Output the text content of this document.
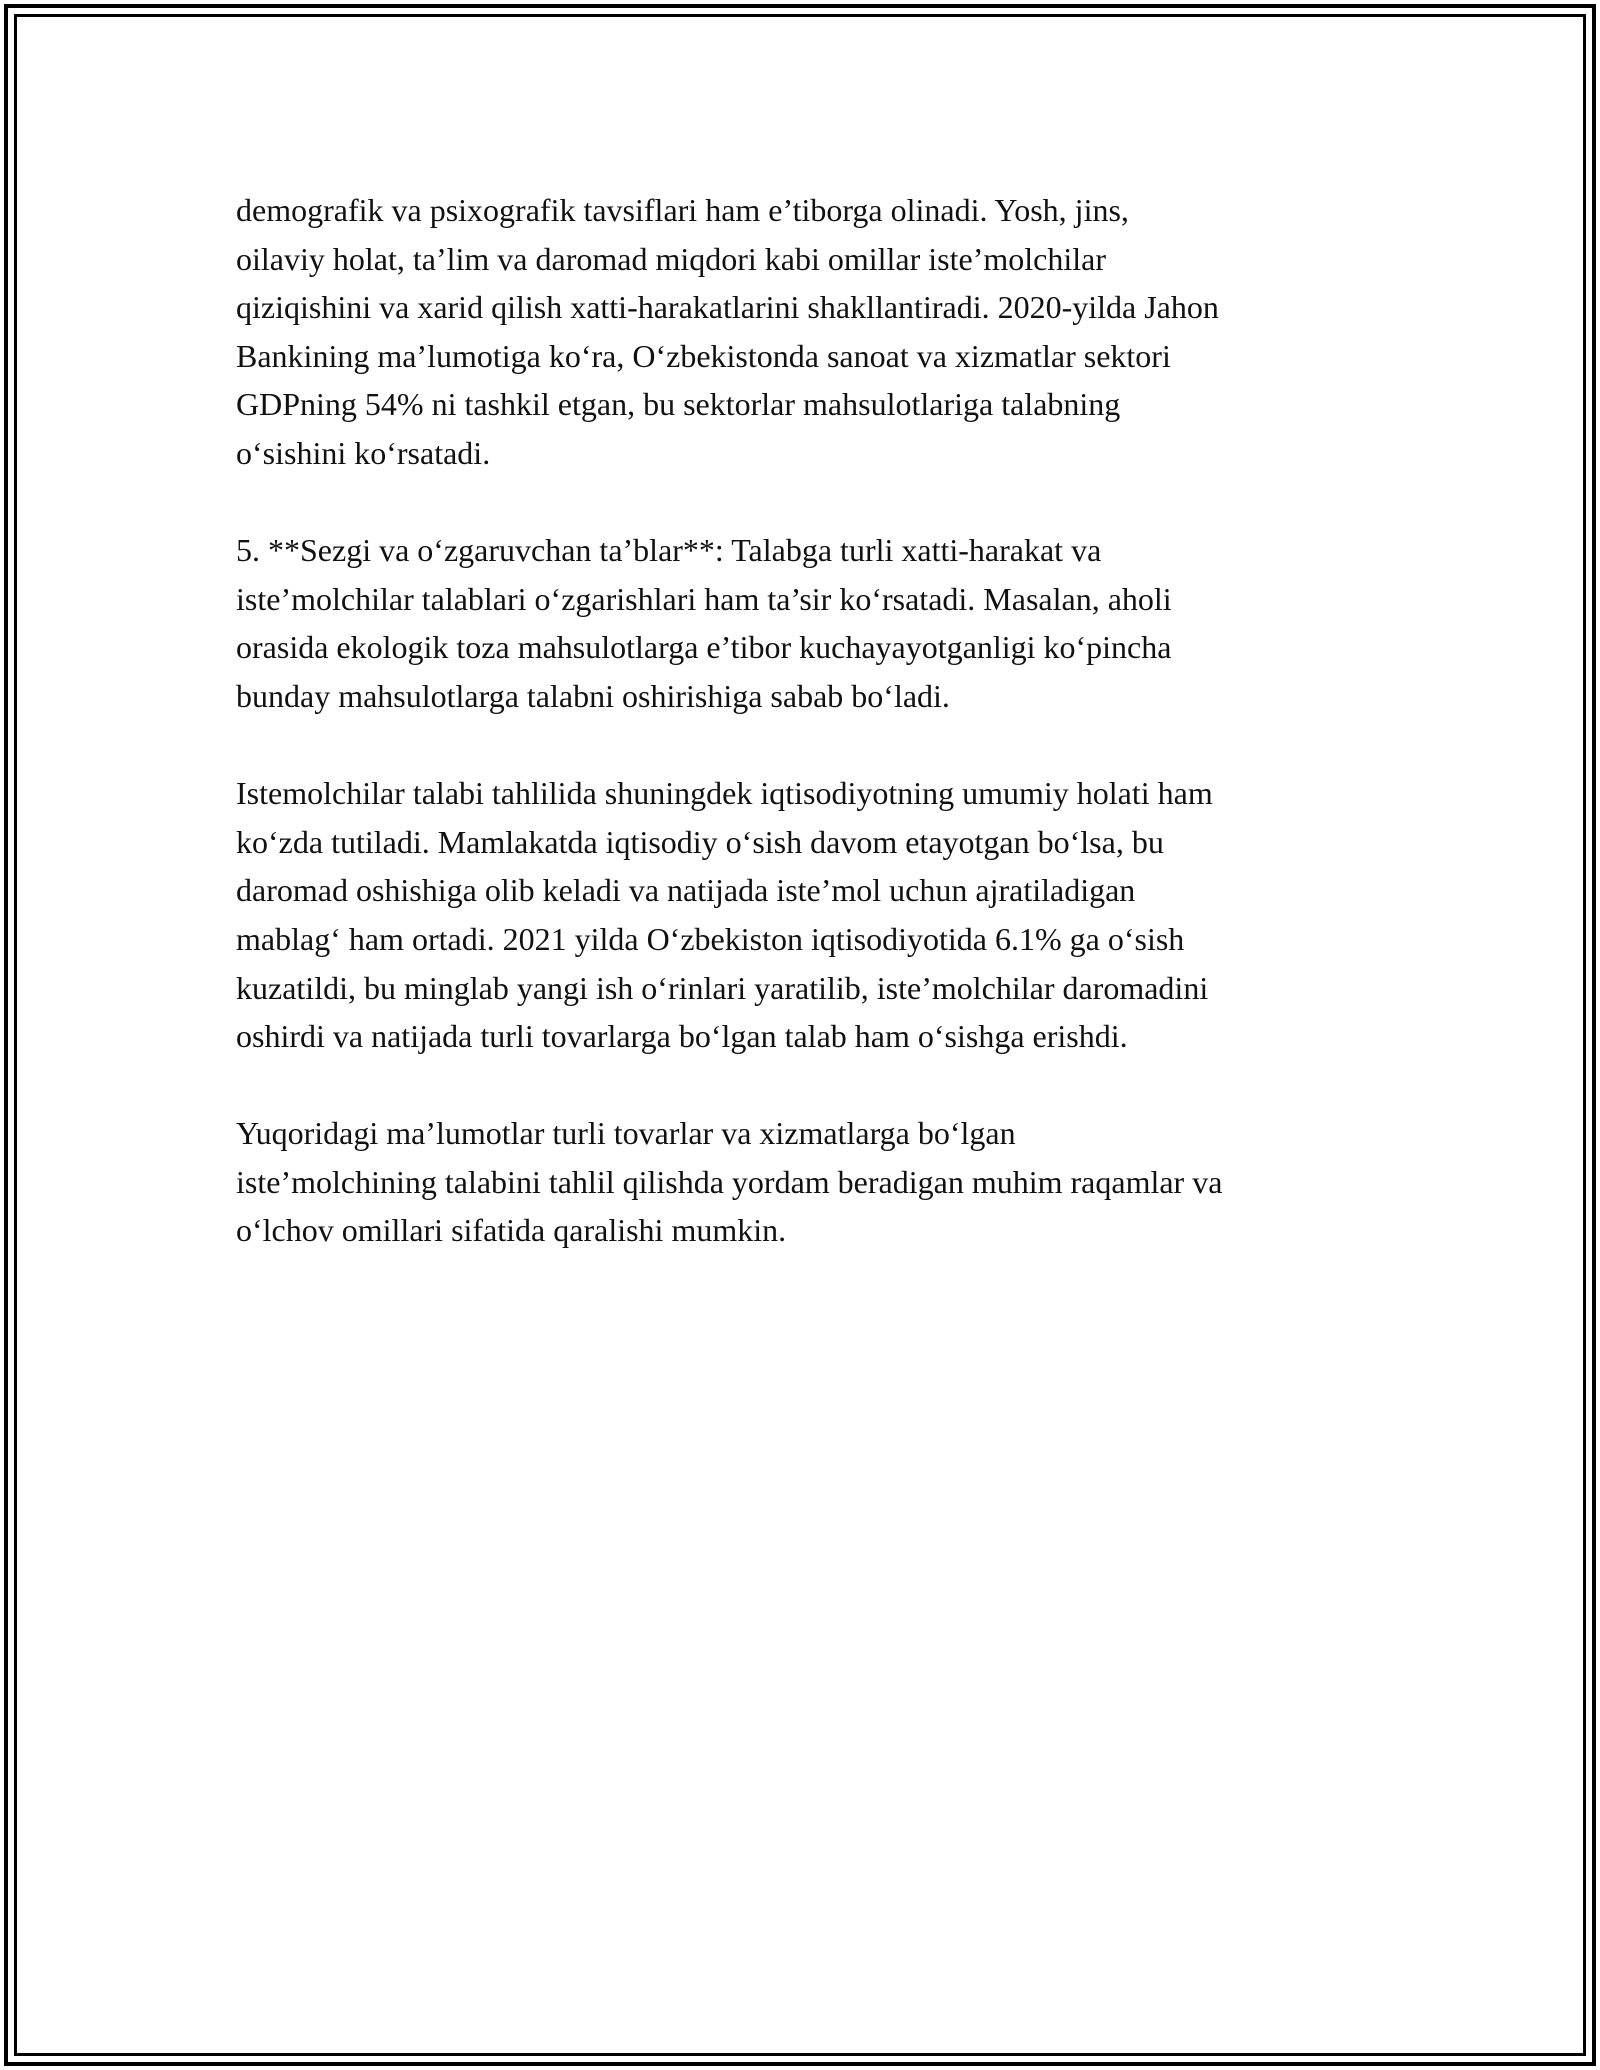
demografik va psixografik tavsiflari ham e’tiborga olinadi. Yosh, jins,
oilaviy holat, ta’lim va daromad miqdori kabi omillar iste’molchilar
qiziqishini va xarid qilish xatti-harakatlarini shakllantiradi. 2020-yilda Jahon
Bankining ma’lumotiga ko‘ra, O‘zbekistonda sanoat va xizmatlar sektori
GDPning 54% ni tashkil etgan, bu sektorlar mahsulotlariga talabning
o‘sishini ko‘rsatadi.

5. **Sezgi va o‘zgaruvchan ta’blar**: Talabga turli xatti-harakat va
iste’molchilar talablari o‘zgarishlari ham ta’sir ko‘rsatadi. Masalan, aholi
orasida ekologik toza mahsulotlarga e’tibor kuchayayotganligi ko‘pincha
bunday mahsulotlarga talabni oshirishiga sabab bo‘ladi.

Istemolchilar talabi tahlilida shuningdek iqtisodiyotning umumiy holati ham
ko‘zda tutiladi. Mamlakatda iqtisodiy o‘sish davom etayotgan bo‘lsa, bu
daromad oshishiga olib keladi va natijada iste’mol uchun ajratiladigan
mablag‘ ham ortadi. 2021 yilda O‘zbekiston iqtisodiyotida 6.1% ga o‘sish
kuzatildi, bu minglab yangi ish o‘rinlari yaratilib, iste’molchilar daromadini
oshirdi va natijada turli tovarlarga bo‘lgan talab ham o‘sishga erishdi.

Yuqoridagi ma’lumotlar turli tovarlar va xizmatlarga bo‘lgan
iste’molchining talabini tahlil qilishda yordam beradigan muhim raqamlar va
o‘lchov omillari sifatida qaralishi mumkin.
